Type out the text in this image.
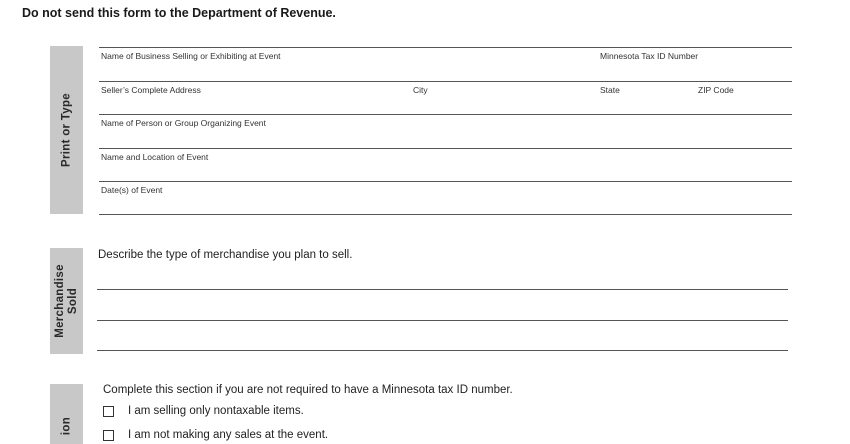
Do not send this form to the Department of Revenue.
Print or Type
Name of Business Selling or Exhibiting at Event	Minnesota Tax ID Number
Seller’s Complete Address	City	State	ZIP Code
Name of Person or Group Organizing Event
Name and Location of Event
Date(s) of Event
Merchandise Sold
Describe the type of merchandise you plan to sell.
ion
Complete this section if you are not required to have a Minnesota tax ID number.
I am selling only nontaxable items.
I am not making any sales at the event.
